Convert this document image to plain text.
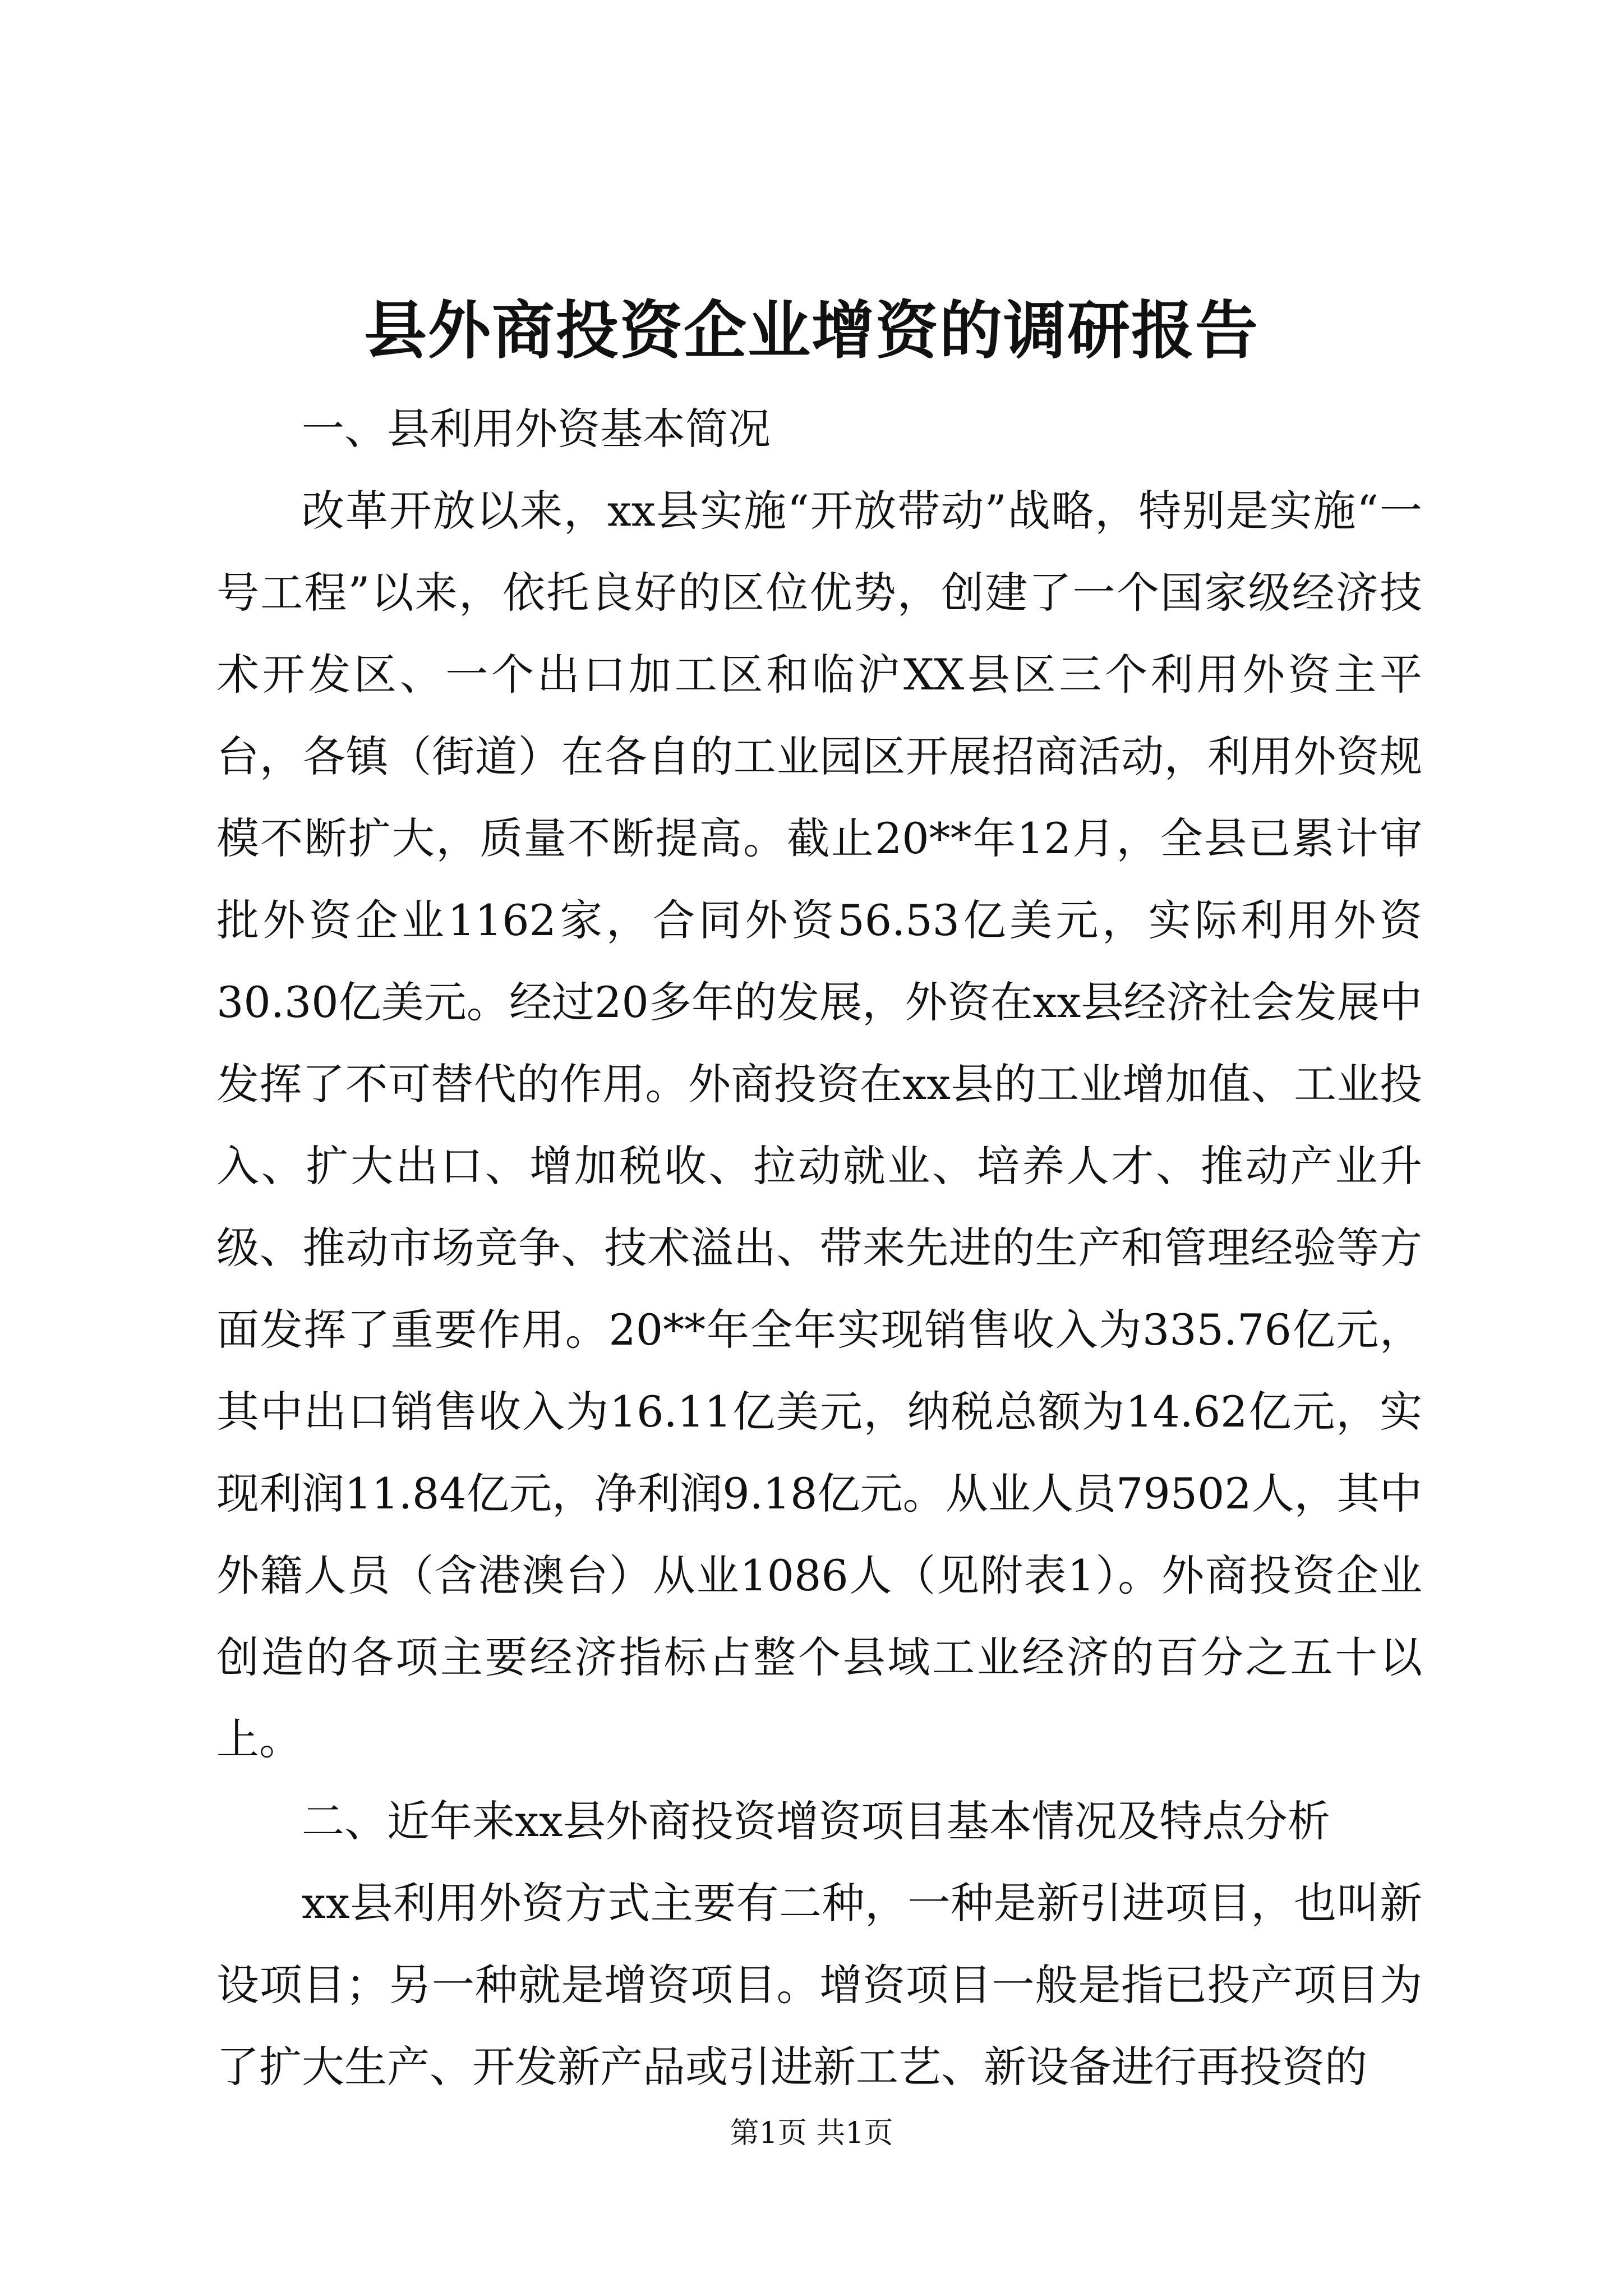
县外商投资企业增资的调研报告

一、县利用外资基本简况

改革开放以来，xx县实施“开放带动”战略，特别是实施“一号工程”以来，依托良好的区位优势，创建了一个国家级经济技术开发区、一个出口加工区和临沪XX县区三个利用外资主平台，各镇（街道）在各自的工业园区开展招商活动，利用外资规模不断扩大，质量不断提高。截止20**年12月，全县已累计审批外资企业1162家，合同外资56.53亿美元，实际利用外资30.30亿美元。经过20多年的发展，外资在xx县经济社会发展中发挥了不可替代的作用。外商投资在xx县的工业增加值、工业投入、扩大出口、增加税收、拉动就业、培养人才、推动产业升级、推动市场竞争、技术溢出、带来先进的生产和管理经验等方面发挥了重要作用。20**年全年实现销售收入为335.76亿元，其中出口销售收入为16.11亿美元，纳税总额为14.62亿元，实现利润11.84亿元，净利润9.18亿元。从业人员79502人，其中外籍人员（含港澳台）从业1086人（见附表1）。外商投资企业创造的各项主要经济指标占整个县域工业经济的百分之五十以上。

二、近年来xx县外商投资增资项目基本情况及特点分析

xx县利用外资方式主要有二种，一种是新引进项目，也叫新设项目；另一种就是增资项目。增资项目一般是指已投产项目为了扩大生产、开发新产品或引进新工艺、新设备进行再投资的

第1页 共1页
